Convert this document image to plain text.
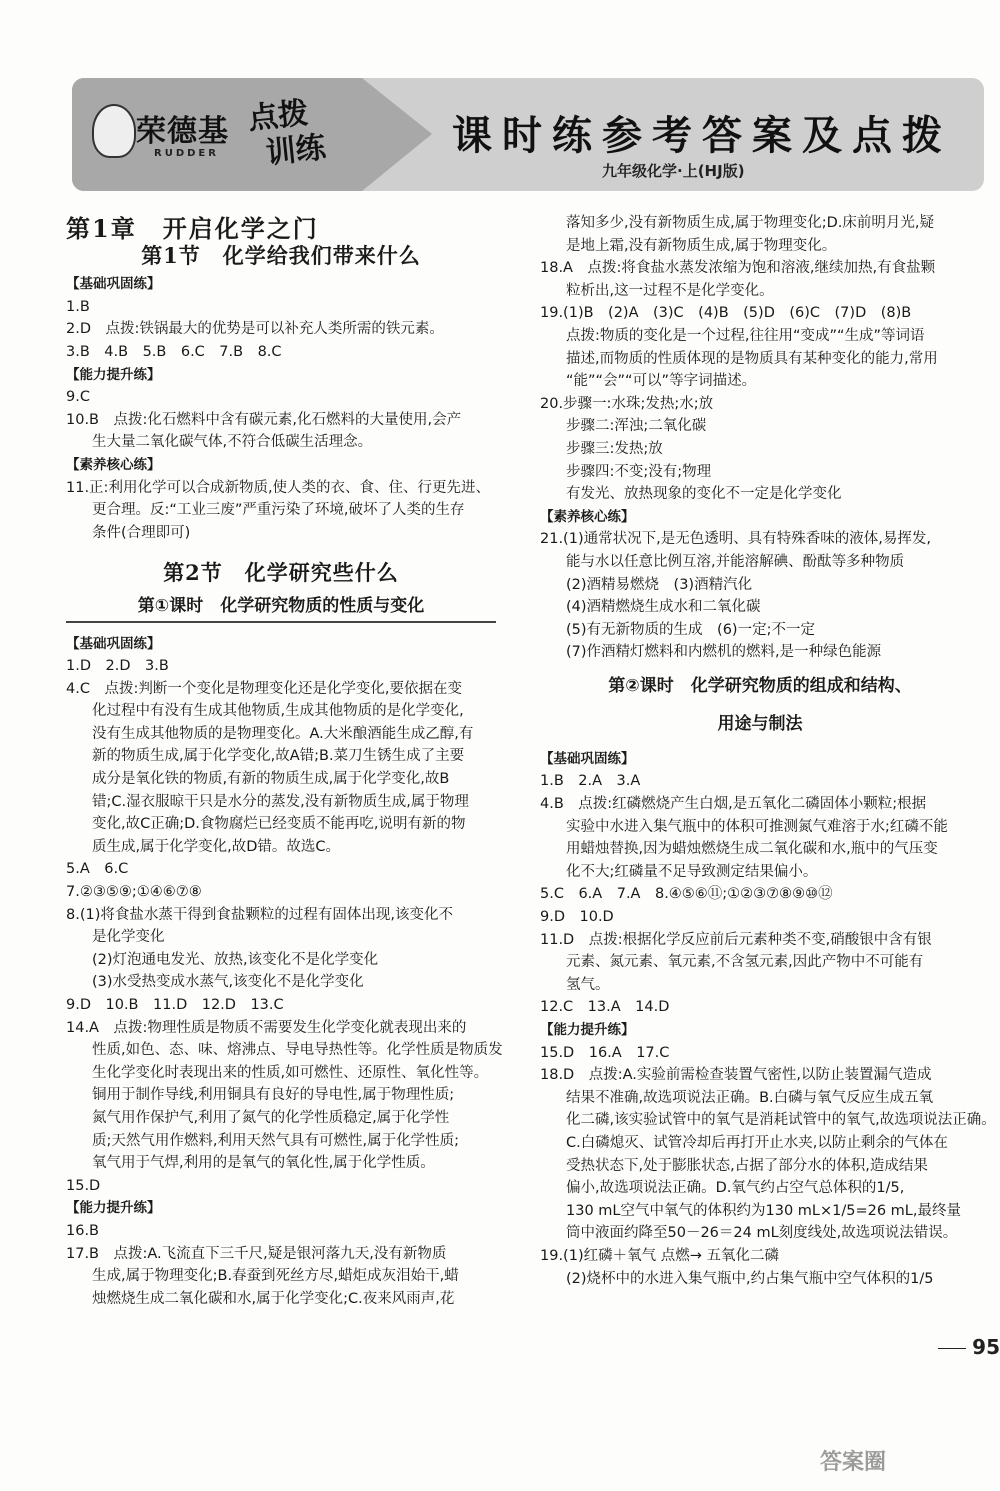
荣德基
RUDDER
点拨
训练	课时练参考答案及点拨
九年级化学·上(HJ版)
第1章　开启化学之门
第1节　化学给我们带来什么
【基础巩固练】
1.B
2.D　点拨:铁锅最大的优势是可以补充人类所需的铁元素。
3.B　4.B　5.B　6.C　7.B　8.C
【能力提升练】
9.C
10.B　点拨:化石燃料中含有碳元素,化石燃料的大量使用,会产
生大量二氧化碳气体,不符合低碳生活理念。
【素养核心练】
11.正:利用化学可以合成新物质,使人类的衣、食、住、行更先进、
更合理。反:“工业三废”严重污染了环境,破坏了人类的生存
条件(合理即可)
第2节　化学研究些什么
第①课时　化学研究物质的性质与变化
【基础巩固练】
1.D　2.D　3.B
4.C　点拨:判断一个变化是物理变化还是化学变化,要依据在变
化过程中有没有生成其他物质,生成其他物质的是化学变化,
没有生成其他物质的是物理变化。A.大米酿酒能生成乙醇,有
新的物质生成,属于化学变化,故A错;B.菜刀生锈生成了主要
成分是氧化铁的物质,有新的物质生成,属于化学变化,故B
错;C.湿衣服晾干只是水分的蒸发,没有新物质生成,属于物理
变化,故C正确;D.食物腐烂已经变质不能再吃,说明有新的物
质生成,属于化学变化,故D错。故选C。
5.A　6.C
7.②③⑤⑨;①④⑥⑦⑧
8.(1)将食盐水蒸干得到食盐颗粒的过程有固体出现,该变化不
是化学变化
(2)灯泡通电发光、放热,该变化不是化学变化
(3)水受热变成水蒸气,该变化不是化学变化
9.D　10.B　11.D　12.D　13.C
14.A　点拨:物理性质是物质不需要发生化学变化就表现出来的
性质,如色、态、味、熔沸点、导电导热性等。化学性质是物质发
生化学变化时表现出来的性质,如可燃性、还原性、氧化性等。
铜用于制作导线,利用铜具有良好的导电性,属于物理性质;
氮气用作保护气,利用了氮气的化学性质稳定,属于化学性
质;天然气用作燃料,利用天然气具有可燃性,属于化学性质;
氧气用于气焊,利用的是氧气的氧化性,属于化学性质。
15.D
【能力提升练】
16.B
17.B　点拨:A.飞流直下三千尺,疑是银河落九天,没有新物质
生成,属于物理变化;B.春蚕到死丝方尽,蜡炬成灰泪始干,蜡
烛燃烧生成二氧化碳和水,属于化学变化;C.夜来风雨声,花
落知多少,没有新物质生成,属于物理变化;D.床前明月光,疑
是地上霜,没有新物质生成,属于物理变化。
18.A　点拨:将食盐水蒸发浓缩为饱和溶液,继续加热,有食盐颗
粒析出,这一过程不是化学变化。
19.(1)B　(2)A　(3)C　(4)B　(5)D　(6)C　(7)D　(8)B
点拨:物质的变化是一个过程,往往用“变成”“生成”等词语
描述,而物质的性质体现的是物质具有某种变化的能力,常用
“能”“会”“可以”等字词描述。
20.步骤一:水珠;发热;水;放
步骤二:浑浊;二氧化碳
步骤三:发热;放
步骤四:不变;没有;物理
有发光、放热现象的变化不一定是化学变化
【素养核心练】
21.(1)通常状况下,是无色透明、具有特殊香味的液体,易挥发,
能与水以任意比例互溶,并能溶解碘、酚酞等多种物质
(2)酒精易燃烧　(3)酒精汽化
(4)酒精燃烧生成水和二氧化碳
(5)有无新物质的生成　(6)一定;不一定
(7)作酒精灯燃料和内燃机的燃料,是一种绿色能源
第②课时　化学研究物质的组成和结构、
用途与制法
【基础巩固练】
1.B　2.A　3.A
4.B　点拨:红磷燃烧产生白烟,是五氧化二磷固体小颗粒;根据
实验中水进入集气瓶中的体积可推测氮气难溶于水;红磷不能
用蜡烛替换,因为蜡烛燃烧生成二氧化碳和水,瓶中的气压变
化不大;红磷量不足导致测定结果偏小。
5.C　6.A　7.A　8.④⑤⑥⑪;①②③⑦⑧⑨⑩⑫
9.D　10.D
11.D　点拨:根据化学反应前后元素种类不变,硝酸银中含有银
元素、氮元素、氧元素,不含氢元素,因此产物中不可能有
氢气。
12.C　13.A　14.D
【能力提升练】
15.D　16.A　17.C
18.D　点拨:A.实验前需检查装置气密性,以防止装置漏气造成
结果不准确,故选项说法正确。B.白磷与氧气反应生成五氧
化二磷,该实验试管中的氧气是消耗试管中的氧气,故选项说法正确。
C.白磷熄灭、试管冷却后再打开止水夹,以防止剩余的气体在
受热状态下,处于膨胀状态,占据了部分水的体积,造成结果
偏小,故选项说法正确。D.氧气约占空气总体积的1/5,
130 mL空气中氧气的体积约为130 mL×1/5=26 mL,最终量
筒中液面约降至50－26＝24 mL刻度线处,故选项说法错误。
19.(1)红磷＋氧气 点燃→ 五氧化二磷
(2)烧杯中的水进入集气瓶中,约占集气瓶中空气体积的1/5
95
答案圈
